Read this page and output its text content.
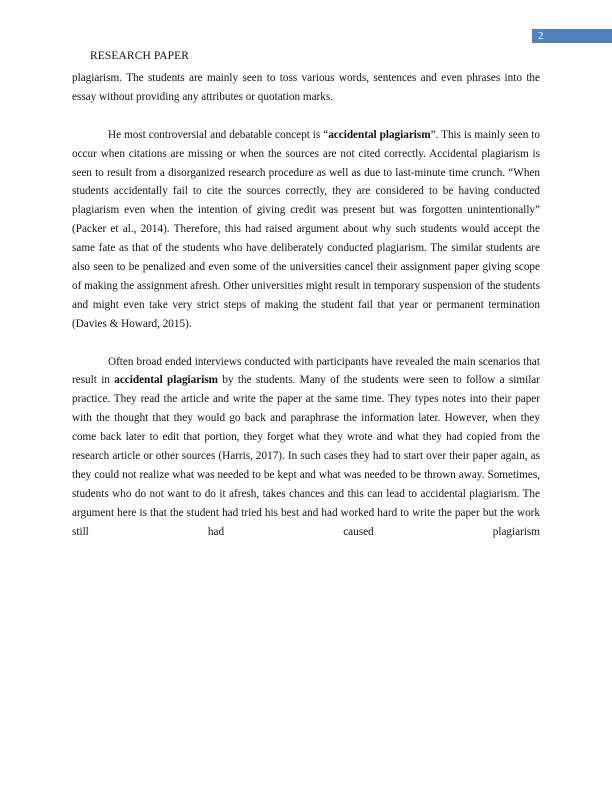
2
RESEARCH PAPER

plagiarism. The students are mainly seen to toss various words, sentences and even phrases into the essay without providing any attributes or quotation marks.

He most controversial and debatable concept is “accidental plagiarism”. This is mainly seen to occur when citations are missing or when the sources are not cited correctly. Accidental plagiarism is seen to result from a disorganized research procedure as well as due to last-minute time crunch. “When students accidentally fail to cite the sources correctly, they are considered to be having conducted plagiarism even when the intention of giving credit was present but was forgotten unintentionally” (Packer et al., 2014). Therefore, this had raised argument about why such students would accept the same fate as that of the students who have deliberately conducted plagiarism. The similar students are also seen to be penalized and even some of the universities cancel their assignment paper giving scope of making the assignment afresh. Other universities might result in temporary suspension of the students and might even take very strict steps of making the student fail that year or permanent termination (Davies & Howard, 2015).

Often broad ended interviews conducted with participants have revealed the main scenarios that result in accidental plagiarism by the students. Many of the students were seen to follow a similar practice. They read the article and write the paper at the same time. They types notes into their paper with the thought that they would go back and paraphrase the information later. However, when they come back later to edit that portion, they forget what they wrote and what they had copied from the research article or other sources (Harris, 2017). In such cases they had to start over their paper again, as they could not realize what was needed to be kept and what was needed to be thrown away. Sometimes, students who do not want to do it afresh, takes chances and this can lead to accidental plagiarism. The argument here is that the student had tried his best and had worked hard to write the paper but the work still had caused plagiarism
